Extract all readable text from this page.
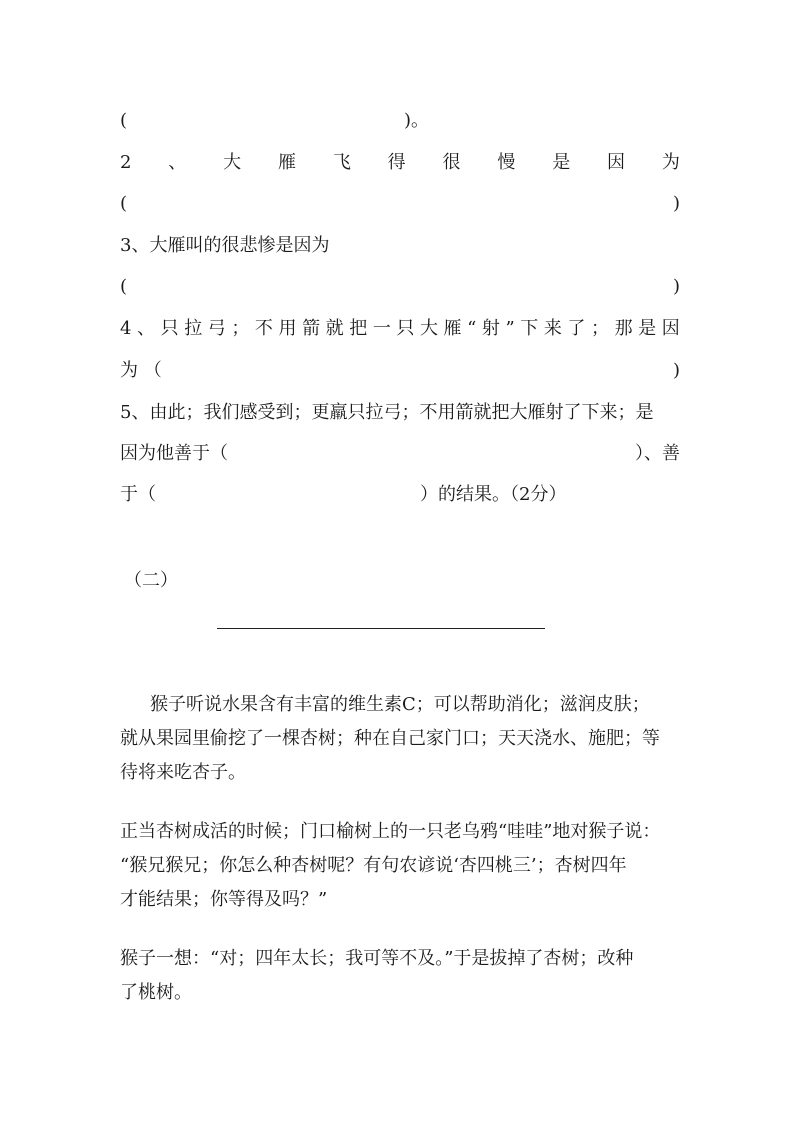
(	)。
2 、 大 雁 飞 得 很 慢 是 因 为
(	)
3、大雁叫的很悲惨是因为
(	)
4 、 只 拉 弓 ； 不 用 箭 就 把 一 只 大 雁 “ 射 ” 下 来 了 ； 那 是 因
为 （	)
5、由此；我们感受到；更羸只拉弓；不用箭就把大雁射了下来；是
因为他善于（	）、善
于（	）的结果。（2分）
（二）
猴子听说水果含有丰富的维生素C；可以帮助消化；滋润皮肤；
就从果园里偷挖了一棵杏树；种在自己家门口；天天浇水、施肥；等
待将来吃杏子。
正当杏树成活的时候；门口榆树上的一只老乌鸦“哇哇”地对猴子说：
“猴兄猴兄；你怎么种杏树呢？有句农谚说‘杏四桃三’；杏树四年
才能结果；你等得及吗？”
猴子一想：“对；四年太长；我可等不及。”于是拔掉了杏树；改种
了桃树。
